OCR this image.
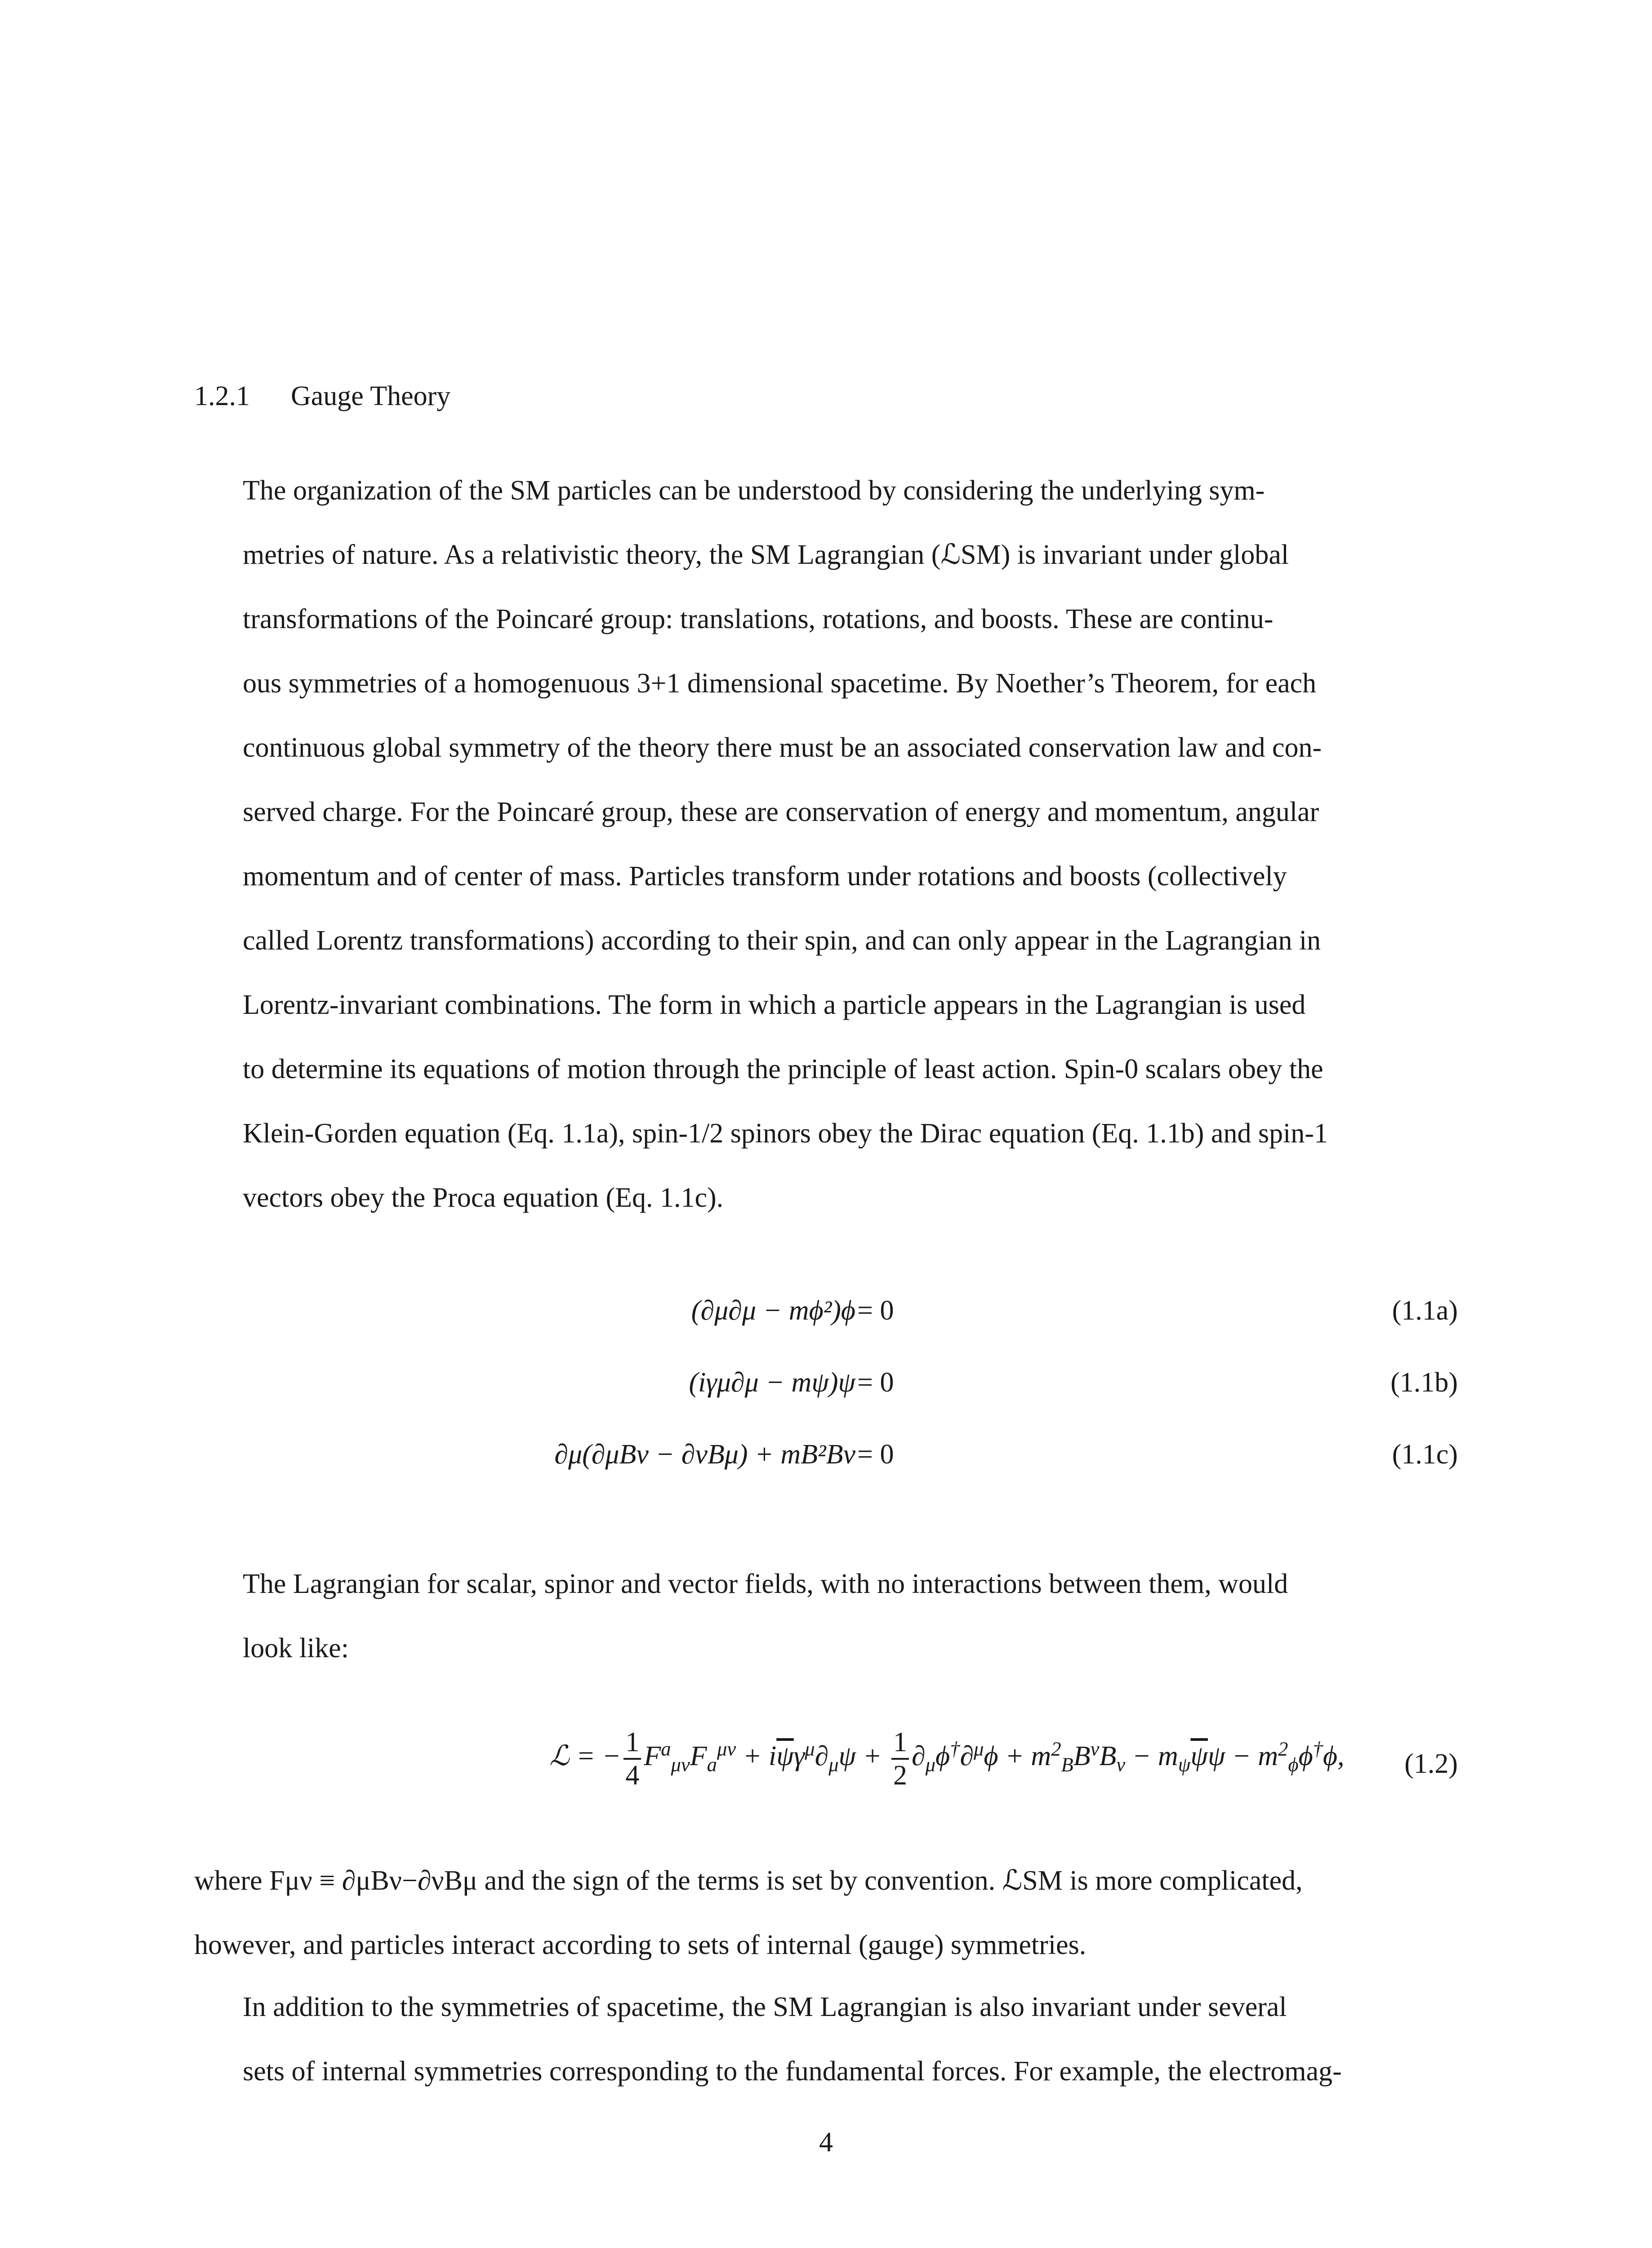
1.2.1 Gauge Theory
The organization of the SM particles can be understood by considering the underlying sym-
metries of nature. As a relativistic theory, the SM Lagrangian (ℒSM) is invariant under global
transformations of the Poincaré group: translations, rotations, and boosts. These are continu-
ous symmetries of a homogenuous 3+1 dimensional spacetime. By Noether’s Theorem, for each
continuous global symmetry of the theory there must be an associated conservation law and con-
served charge. For the Poincaré group, these are conservation of energy and momentum, angular
momentum and of center of mass. Particles transform under rotations and boosts (collectively
called Lorentz transformations) according to their spin, and can only appear in the Lagrangian in
Lorentz-invariant combinations. The form in which a particle appears in the Lagrangian is used
to determine its equations of motion through the principle of least action. Spin-0 scalars obey the
Klein-Gorden equation (Eq. 1.1a), spin-1/2 spinors obey the Dirac equation (Eq. 1.1b) and spin-1
vectors obey the Proca equation (Eq. 1.1c).
(∂μ∂μ − mϕ²)ϕ = 0	(1.1a)
(iγμ∂μ − mψ)ψ = 0	(1.1b)
∂μ(∂μBν − ∂νBμ) + mB²Bν = 0	(1.1c)
The Lagrangian for scalar, spinor and vector fields, with no interactions between them, would
look like:
ℒ = − $\frac{1}{4} F^a_{\mu\nu}F_a^{\mu\nu} + i\overline{\psi}\gamma^\mu\partial_\mu\psi + \frac{1}{2} \partial_\mu\phi^\dagger\partial^\mu\phi + m^2_BB^\nu B_\nu - m_\psi\overline{\psi}\psi - m^2_\phi\phi^\dagger\phi$, (1.2)
where Fμν ≡ ∂μBν−∂νBμ and the sign of the terms is set by convention. ℒSM is more complicated,
however, and particles interact according to sets of internal (gauge) symmetries.
In addition to the symmetries of spacetime, the SM Lagrangian is also invariant under several
sets of internal symmetries corresponding to the fundamental forces. For example, the electromag-
4
